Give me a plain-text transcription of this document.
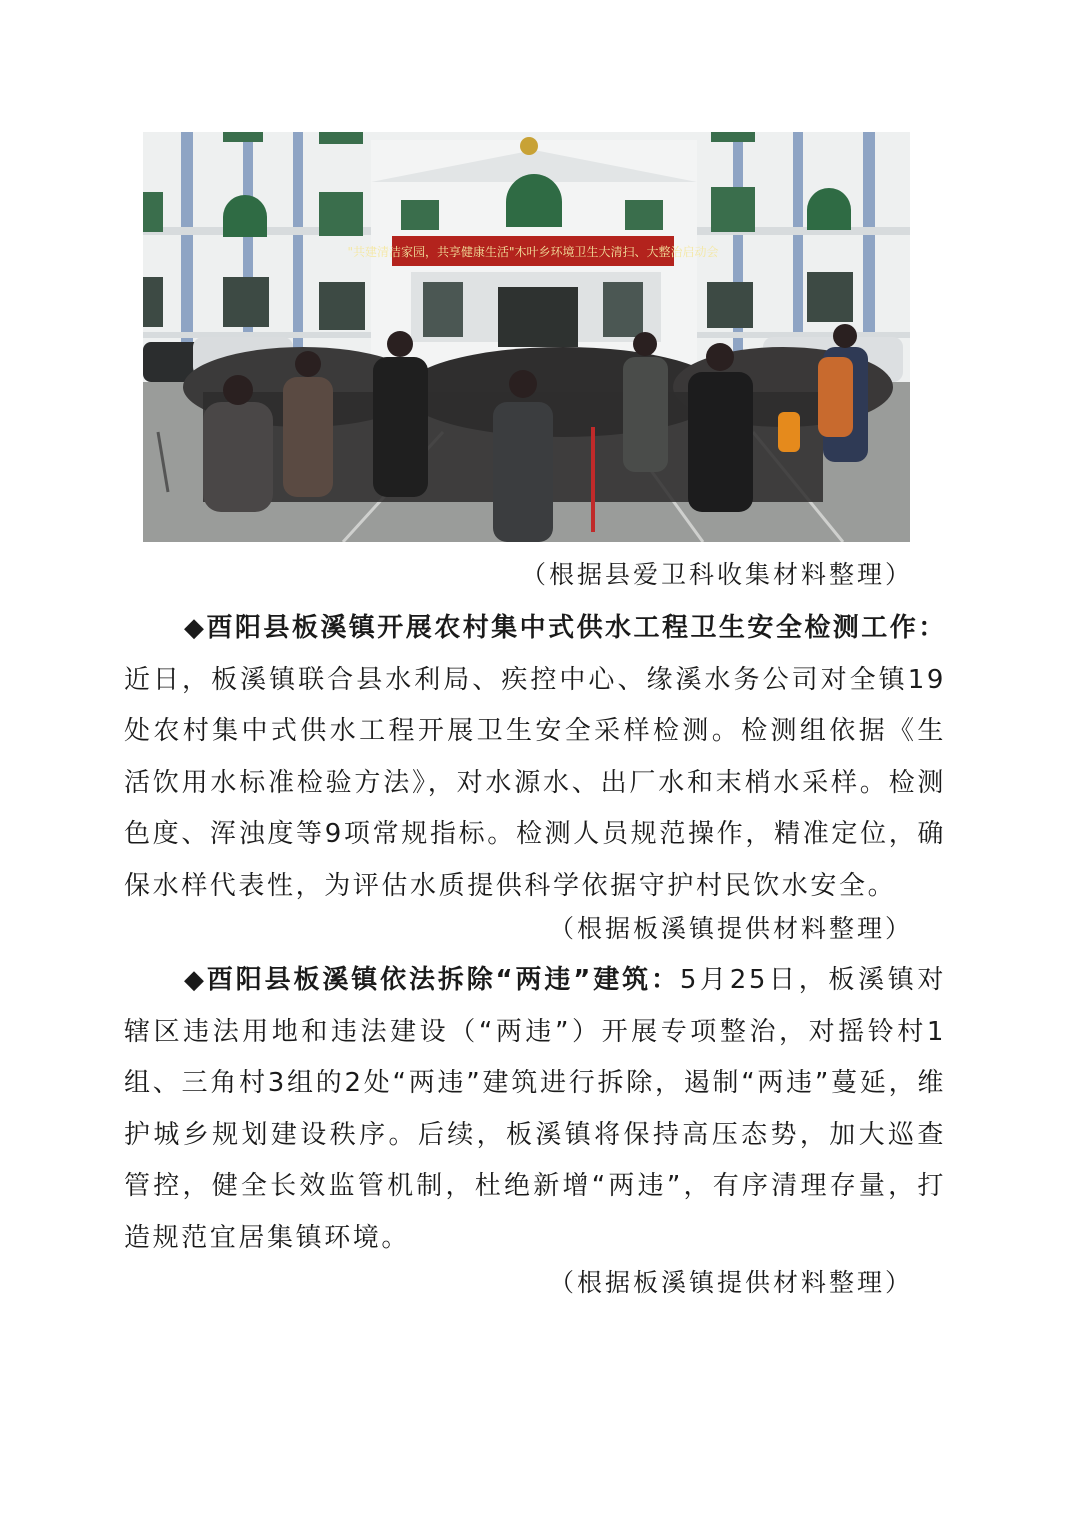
"共建清洁家园，共享健康生活"木叶乡环境卫生大清扫、大整治启动会
（根据县爱卫科收集材料整理）

◆酉阳县板溪镇开展农村集中式供水工程卫生安全检测工作：近日，板溪镇联合县水利局、疾控中心、缘溪水务公司对全镇19处农村集中式供水工程开展卫生安全采样检测。检测组依据《生活饮用水标准检验方法》，对水源水、出厂水和末梢水采样。检测色度、浑浊度等9项常规指标。检测人员规范操作，精准定位，确保水样代表性，为评估水质提供科学依据守护村民饮水安全。

（根据板溪镇提供材料整理）

◆酉阳县板溪镇依法拆除“两违”建筑：5月25日，板溪镇对辖区违法用地和违法建设（“两违”）开展专项整治，对摇铃村1组、三角村3组的2处“两违”建筑进行拆除，遏制“两违”蔓延，维护城乡规划建设秩序。后续，板溪镇将保持高压态势，加大巡查管控，健全长效监管机制，杜绝新增“两违”，有序清理存量，打造规范宜居集镇环境。

（根据板溪镇提供材料整理）
